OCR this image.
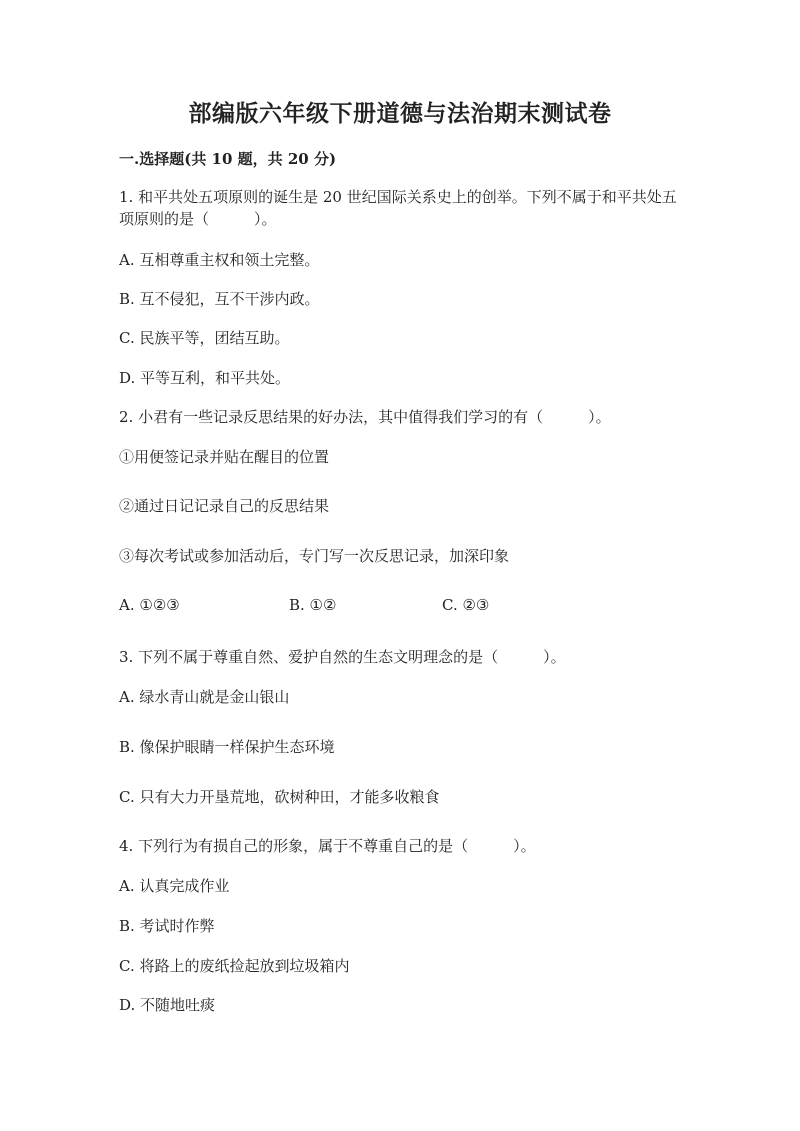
部编版六年级下册道德与法治期末测试卷

一.选择题(共 10 题，共 20 分)

1. 和平共处五项原则的诞生是 20 世纪国际关系史上的创举。下列不属于和平共处五项原则的是（　　　）。

A. 互相尊重主权和领土完整。

B. 互不侵犯，互不干涉内政。

C. 民族平等，团结互助。

D. 平等互利，和平共处。

2. 小君有一些记录反思结果的好办法，其中值得我们学习的有（　　　）。

①用便签记录并贴在醒目的位置

②通过日记记录自己的反思结果

③每次考试或参加活动后，专门写一次反思记录，加深印象

A. ①②③	B. ①②	C. ②③

3. 下列不属于尊重自然、爱护自然的生态文明理念的是（　　　）。

A. 绿水青山就是金山银山

B. 像保护眼睛一样保护生态环境

C. 只有大力开垦荒地，砍树种田，才能多收粮食

4. 下列行为有损自己的形象，属于不尊重自己的是（　　　）。

A. 认真完成作业

B. 考试时作弊

C. 将路上的废纸捡起放到垃圾箱内

D. 不随地吐痰
